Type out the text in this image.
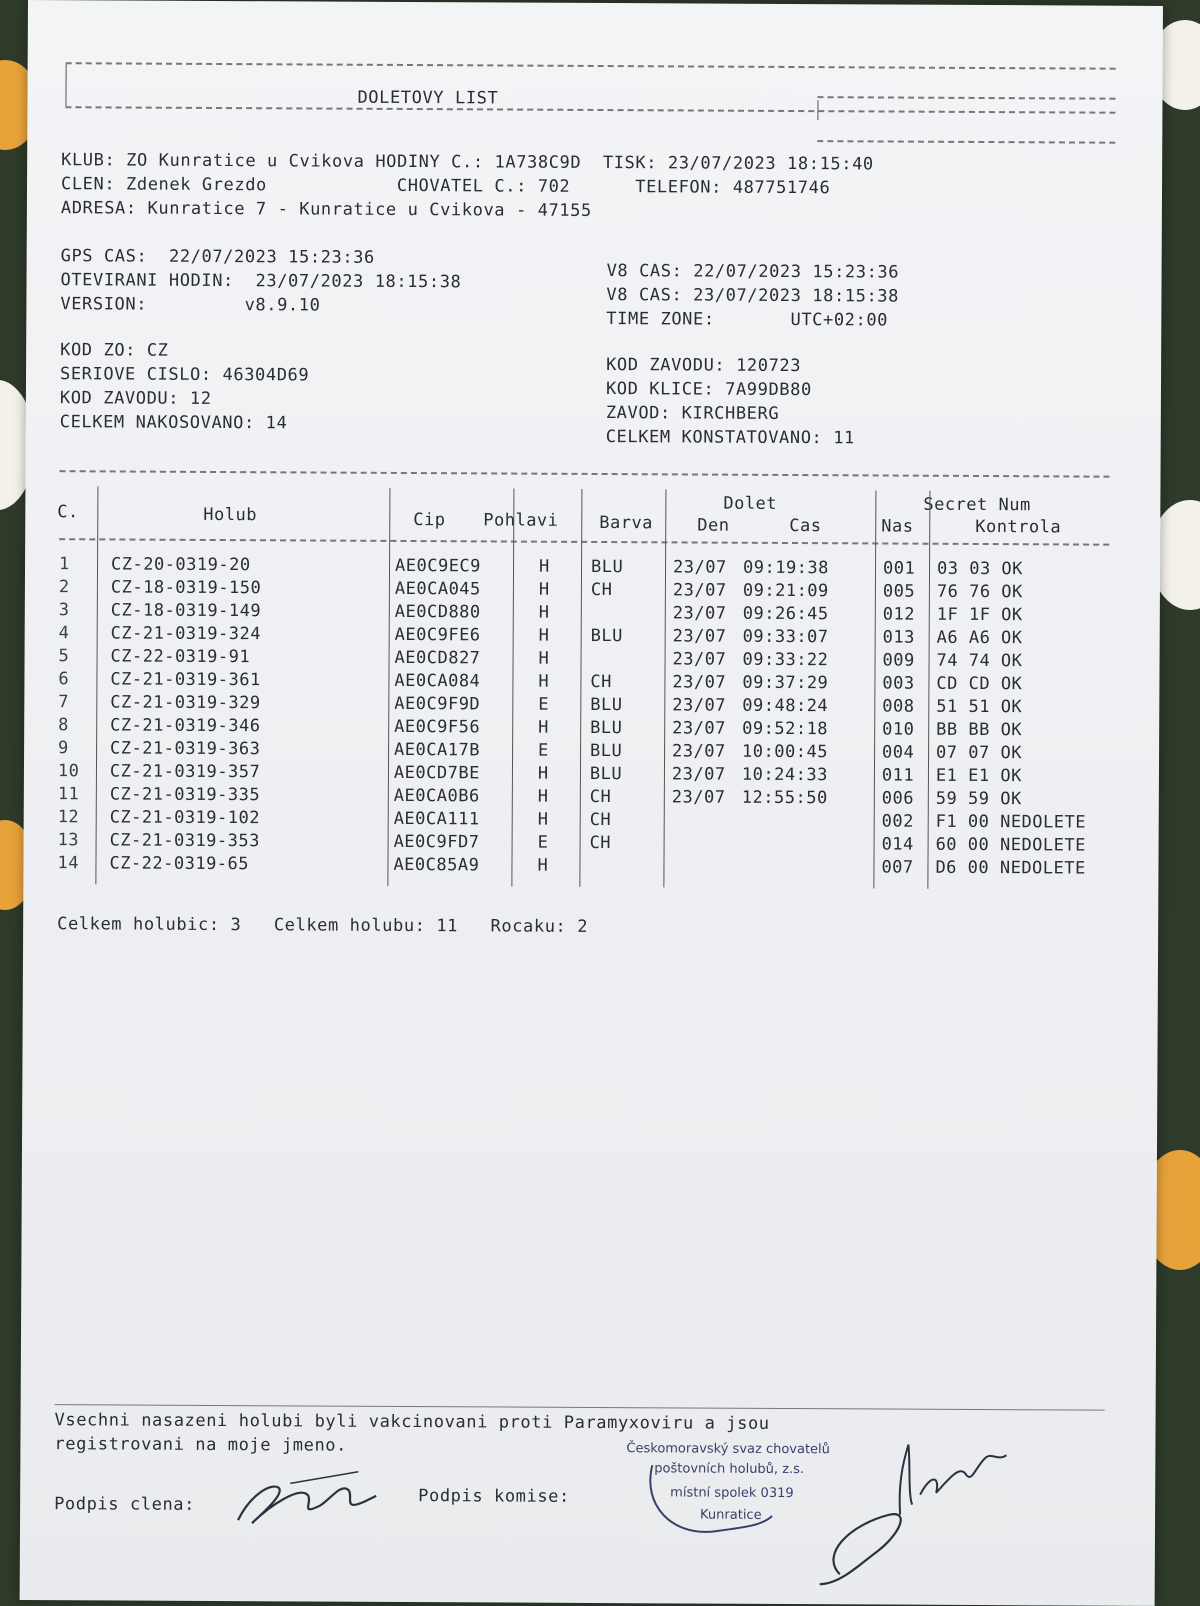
DOLETOVY LIST
KLUB: ZO Kunratice u Cvikova HODINY C.: 1A738C9D  TISK: 23/07/2023 18:15:40
CLEN: Zdenek Grezdo            CHOVATEL C.: 702      TELEFON: 487751746
ADRESA: Kunratice 7 - Kunratice u Cvikova - 47155
GPS CAS:  22/07/2023 15:23:36
OTEVIRANI HODIN:  23/07/2023 18:15:38
VERSION:         v8.9.10
V8 CAS: 22/07/2023 15:23:36
V8 CAS: 23/07/2023 18:15:38
TIME ZONE:       UTC+02:00
KOD ZO: CZ
SERIOVE CISLO: 46304D69
KOD ZAVODU: 12
CELKEM NAKOSOVANO: 14
KOD ZAVODU: 120723
KOD KLICE: 7A99DB80
ZAVOD: KIRCHBERG
CELKEM KONSTATOVANO: 11
C.	Holub	Cip Pohlavi Barva
Dolet
Den	Cas	Nas
Secret Num
Kontrola
1 CZ-20-0319-20	AE0C9EC9	H BLU	23/07 09:19:38	001 03 03 OK
2 CZ-18-0319-150	AE0CA045	H CH	23/07 09:21:09	005 76 76 OK
3 CZ-18-0319-149	AE0CD880	H	23/07 09:26:45	012 1F 1F OK
4 CZ-21-0319-324	AE0C9FE6	H BLU	23/07 09:33:07	013 A6 A6 OK
5 CZ-22-0319-91	AE0CD827	H	23/07 09:33:22	009 74 74 OK
6 CZ-21-0319-361	AE0CA084	H CH	23/07 09:37:29	003 CD CD OK
7 CZ-21-0319-329	AE0C9F9D	E BLU	23/07 09:48:24	008 51 51 OK
8 CZ-21-0319-346	AE0C9F56	H BLU	23/07 09:52:18	010 BB BB OK
9 CZ-21-0319-363	AE0CA17B	E BLU	23/07 10:00:45	004 07 07 OK
10 CZ-21-0319-357	AE0CD7BE	H BLU	23/07 10:24:33	011 E1 E1 OK
11 CZ-21-0319-335	AE0CA0B6	H CH	23/07 12:55:50	006 59 59 OK
12 CZ-21-0319-102	AE0CA111	H CH	002 F1 00 NEDOLETE
13 CZ-21-0319-353	AE0C9FD7	E CH	014 60 00 NEDOLETE
14 CZ-22-0319-65	AE0C85A9	H	007 D6 00 NEDOLETE
Celkem holubic: 3   Celkem holubu: 11   Rocaku: 2
Vsechni nasazeni holubi byli vakcinovani proti Paramyxoviru a jsou
registrovani na moje jmeno.
Podpis clena:	Podpis komise:
Českomoravský svaz chovatelů
poštovních holubů, z.s.
místní spolek 0319
Kunratice
